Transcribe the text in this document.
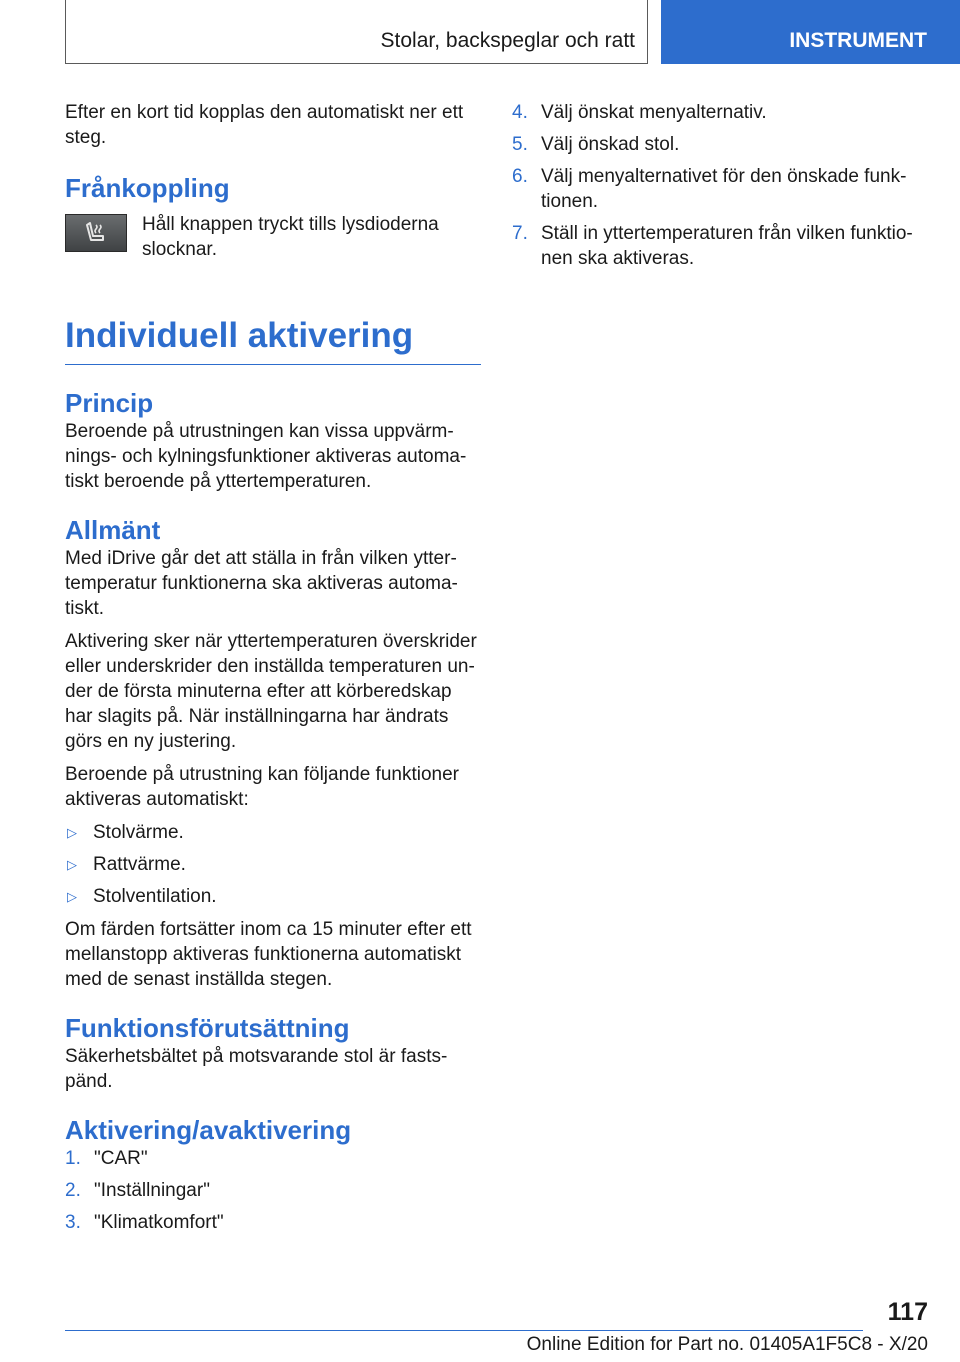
Stolar, backspeglar och ratt	INSTRUMENT

Efter en kort tid kopplas den automatiskt ner ett steg.

Frånkoppling

Håll knappen tryckt tills lysdioderna slocknar.

Individuell aktivering
Princip

Beroende på utrustningen kan vissa uppvärmnings- och kylningsfunktioner aktiveras automatiskt beroende på yttertemperaturen.

Allmänt

Med iDrive går det att ställa in från vilken yttertemperatur funktionerna ska aktiveras automatiskt.

Aktivering sker när yttertemperaturen överskrider eller underskrider den inställda temperaturen under de första minuterna efter att körberedskap har slagits på. När inställningarna har ändrats görs en ny justering.

Beroende på utrustning kan följande funktioner aktiveras automatiskt:

▷ Stolvärme.
▷ Rattvärme.
▷ Stolventilation.

Om färden fortsätter inom ca 15 minuter efter ett mellanstopp aktiveras funktionerna automatiskt med de senast inställda stegen.

Funktionsförutsättning

Säkerhetsbältet på motsvarande stol är fastspänd.

Aktivering/avaktivering
1. "CAR"
2. "Inställningar"
3. "Klimatkomfort"
4. Välj önskat menyalternativ.
5. Välj önskad stol.
6. Välj menyalternativet för den önskade funktionen.
7. Ställ in yttertemperaturen från vilken funktionen ska aktiveras.
117
Online Edition for Part no. 01405A1F5C8 - X/20
